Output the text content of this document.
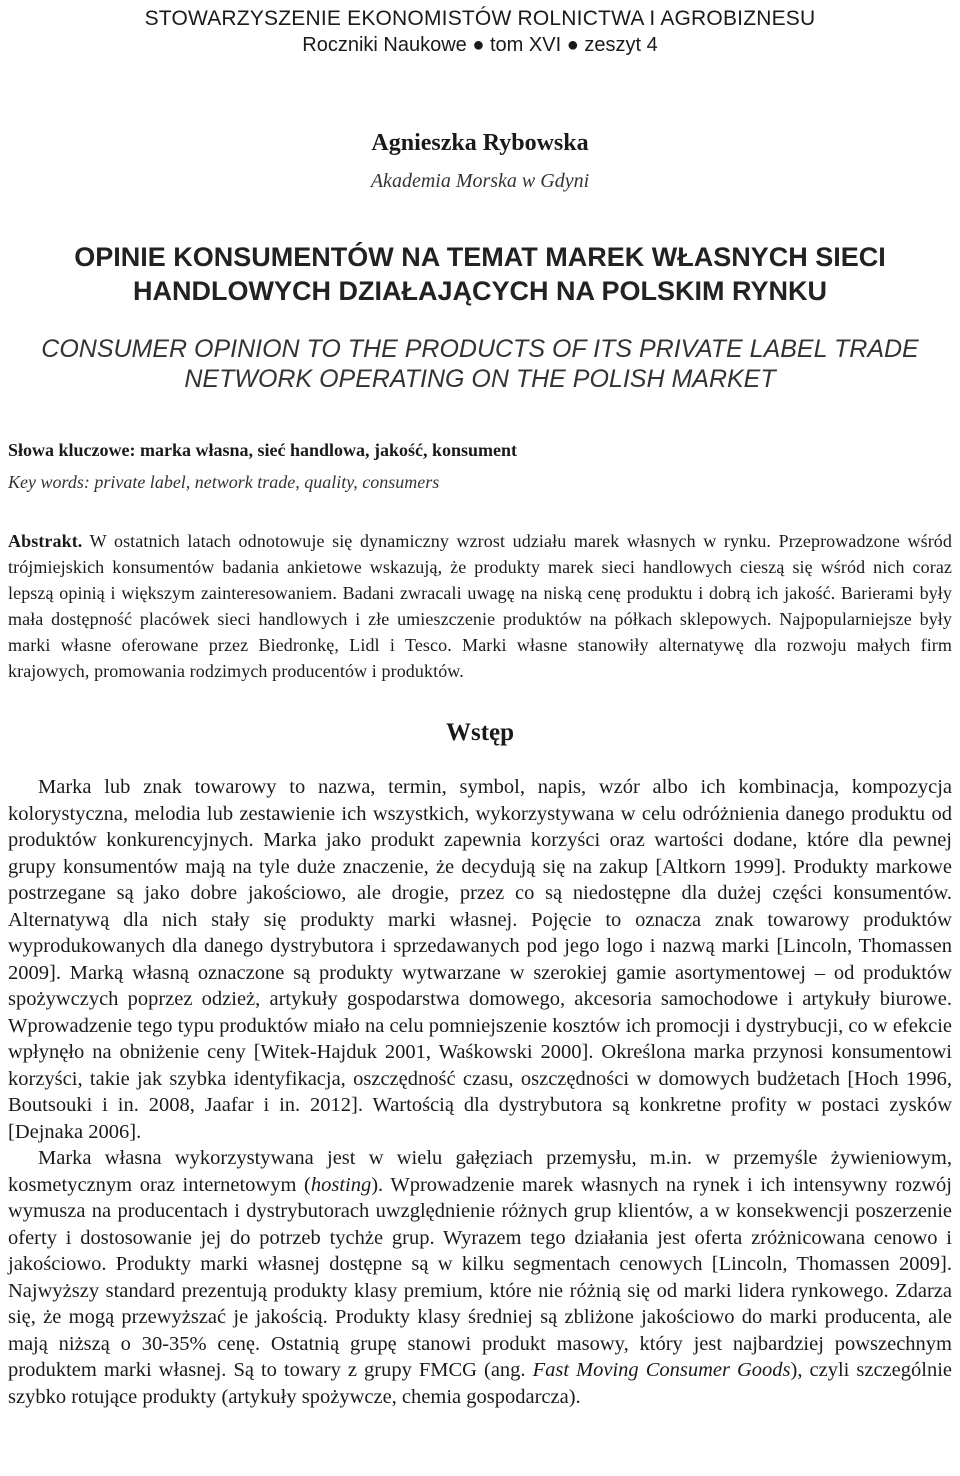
STOWARZYSZENIE EKONOMISTÓW ROLNICTWA I AGROBIZNESU
Roczniki Naukowe ● tom XVI ● zeszyt 4
Agnieszka Rybowska
Akademia Morska w Gdyni
OPINIE KONSUMENTÓW NA TEMAT MAREK WŁASNYCH SIECI
HANDLOWYCH DZIAŁAJĄCYCH NA POLSKIM RYNKU
CONSUMER OPINION TO THE PRODUCTS OF ITS PRIVATE LABEL TRADE
NETWORK OPERATING ON THE POLISH MARKET
Słowa kluczowe: marka własna, sieć handlowa, jakość, konsument
Key words: private label, network trade, quality, consumers
Abstrakt. W ostatnich latach odnotowuje się dynamiczny wzrost udziału marek własnych w rynku. Przeprowadzone wśród trójmiejskich konsumentów badania ankietowe wskazują, że produkty marek sieci handlowych cieszą się wśród nich coraz lepszą opinią i większym zainteresowaniem. Badani zwracali uwagę na niską cenę produktu i dobrą ich jakość. Barierami były mała dostępność placówek sieci handlowych i złe umieszczenie produktów na półkach sklepowych. Najpopularniejsze były marki własne oferowane przez Biedronkę, Lidl i Tesco. Marki własne stanowiły alternatywę dla rozwoju małych firm krajowych, promowania rodzimych producentów i produktów.
Wstęp

Marka lub znak towarowy to nazwa, termin, symbol, napis, wzór albo ich kombinacja, kompozycja kolorystyczna, melodia lub zestawienie ich wszystkich, wykorzystywana w celu odróżnienia danego produktu od produktów konkurencyjnych. Marka jako produkt zapewnia korzyści oraz wartości dodane, które dla pewnej grupy konsumentów mają na tyle duże znaczenie, że decydują się na zakup [Altkorn 1999]. Produkty markowe postrzegane są jako dobre jakościowo, ale drogie, przez co są niedostępne dla dużej części konsumentów. Alternatywą dla nich stały się produkty marki własnej. Pojęcie to oznacza znak towarowy produktów wyprodukowanych dla danego dystrybutora i sprzedawanych pod jego logo i nazwą marki [Lincoln, Thomassen 2009]. Marką własną oznaczone są produkty wytwarzane w szerokiej gamie asortymentowej – od produktów spożywczych poprzez odzież, artykuły gospodarstwa domowego, akcesoria samochodowe i artykuły biurowe. Wprowadzenie tego typu produktów miało na celu pomniejszenie kosztów ich promocji i dystrybucji, co w efekcie wpłynęło na obniżenie ceny [Witek-Hajduk 2001, Waśkowski 2000]. Określona marka przynosi konsumentowi korzyści, takie jak szybka identyfikacja, oszczędność czasu, oszczędności w domowych budżetach [Hoch 1996, Boutsouki i in. 2008, Jaafar i in. 2012]. Wartością dla dystrybutora są konkretne profity w postaci zysków [Dejnaka 2006].

Marka własna wykorzystywana jest w wielu gałęziach przemysłu, m.in. w przemyśle żywieniowym, kosmetycznym oraz internetowym (hosting). Wprowadzenie marek własnych na rynek i ich intensywny rozwój wymusza na producentach i dystrybutorach uwzględnienie różnych grup klientów, a w konsekwencji poszerzenie oferty i dostosowanie jej do potrzeb tychże grup. Wyrazem tego działania jest oferta zróżnicowana cenowo i jakościowo. Produkty marki własnej dostępne są w kilku segmentach cenowych [Lincoln, Thomassen 2009]. Najwyższy standard prezentują produkty klasy premium, które nie różnią się od marki lidera rynkowego. Zdarza się, że mogą przewyższać je jakością. Produkty klasy średniej są zbliżone jakościowo do marki producenta, ale mają niższą o 30-35% cenę. Ostatnią grupę stanowi produkt masowy, który jest najbardziej powszechnym produktem marki własnej. Są to towary z grupy FMCG (ang. Fast Moving Consumer Goods), czyli szczególnie szybko rotujące produkty (artykuły spożywcze, chemia gospodarcza).
